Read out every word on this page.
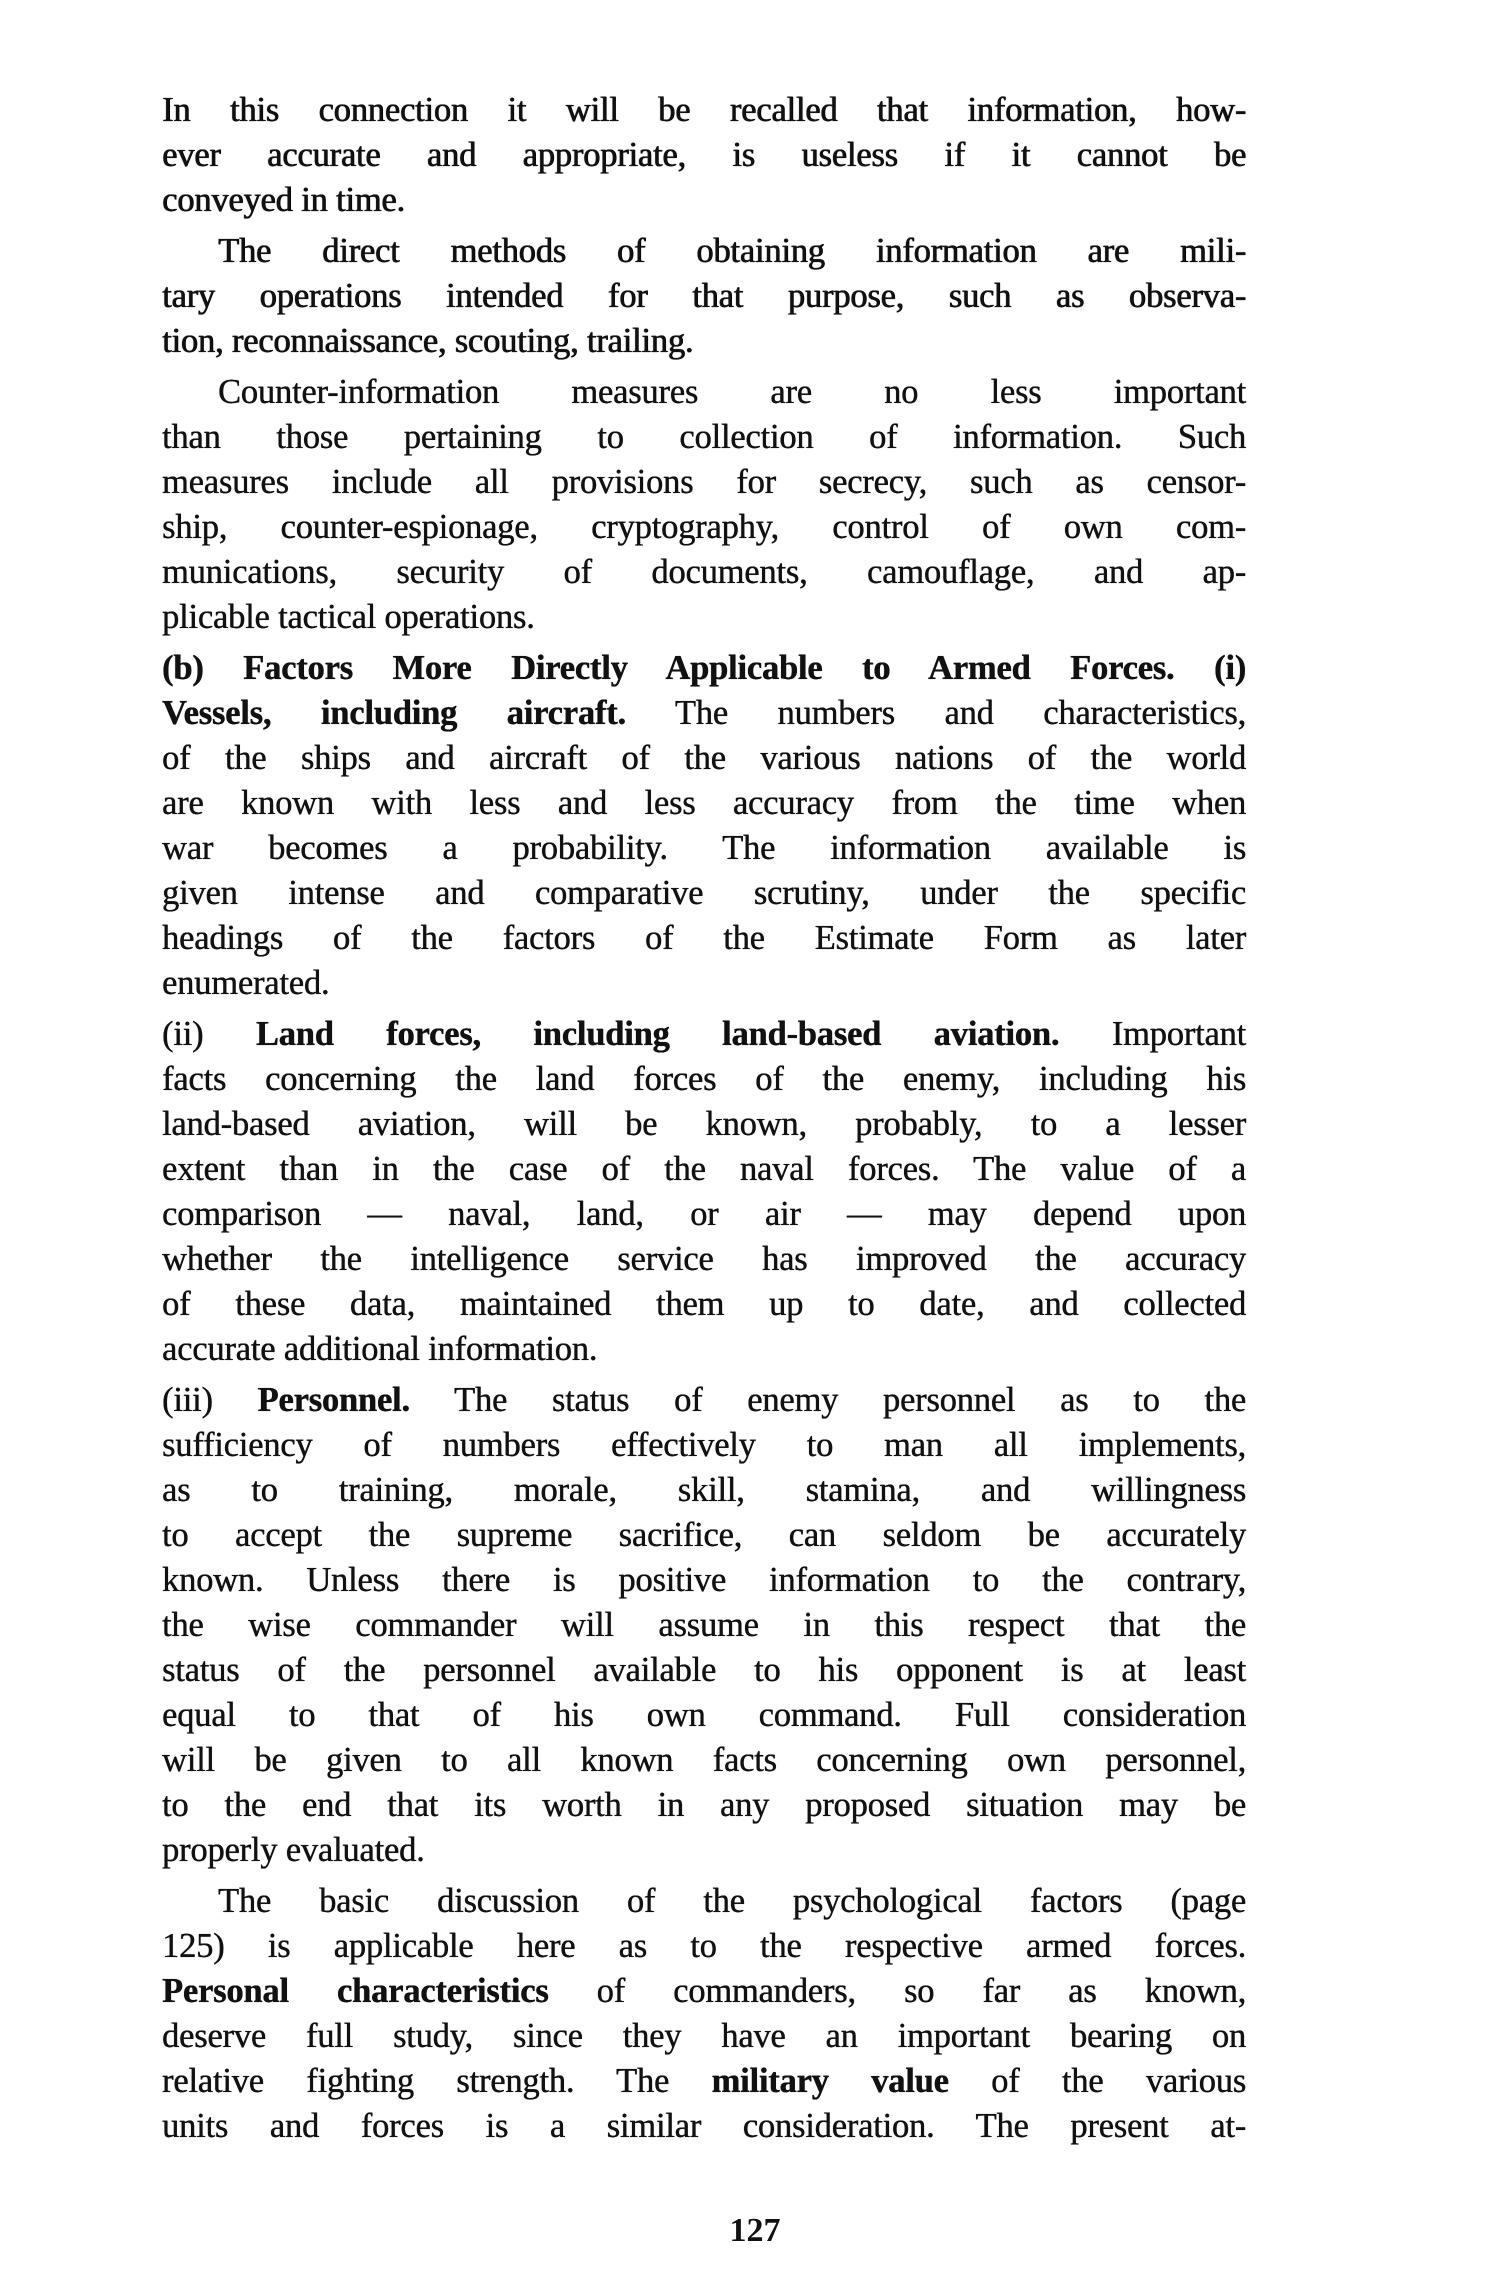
In this connection it will be recalled that information, how-
ever accurate and appropriate, is useless if it cannot be
conveyed in time.
The direct methods of obtaining information are mili-
tary operations intended for that purpose, such as observa-
tion, reconnaissance, scouting, trailing.
Counter-information measures are no less important
than those pertaining to collection of information. Such
measures include all provisions for secrecy, such as censor-
ship, counter-espionage, cryptography, control of own com-
munications, security of documents, camouflage, and ap-
plicable tactical operations.
(b) Factors More Directly Applicable to Armed Forces. (i)
Vessels, including aircraft. The numbers and characteristics,
of the ships and aircraft of the various nations of the world
are known with less and less accuracy from the time when
war becomes a probability. The information available is
given intense and comparative scrutiny, under the specific
headings of the factors of the Estimate Form as later
enumerated.
(ii) Land forces, including land-based aviation. Important
facts concerning the land forces of the enemy, including his
land-based aviation, will be known, probably, to a lesser
extent than in the case of the naval forces. The value of a
comparison — naval, land, or air — may depend upon
whether the intelligence service has improved the accuracy
of these data, maintained them up to date, and collected
accurate additional information.
(iii) Personnel. The status of enemy personnel as to the
sufficiency of numbers effectively to man all implements,
as to training, morale, skill, stamina, and willingness
to accept the supreme sacrifice, can seldom be accurately
known. Unless there is positive information to the contrary,
the wise commander will assume in this respect that the
status of the personnel available to his opponent is at least
equal to that of his own command. Full consideration
will be given to all known facts concerning own personnel,
to the end that its worth in any proposed situation may be
properly evaluated.
The basic discussion of the psychological factors (page
125) is applicable here as to the respective armed forces.
Personal characteristics of commanders, so far as known,
deserve full study, since they have an important bearing on
relative fighting strength. The military value of the various
units and forces is a similar consideration. The present at-
127
